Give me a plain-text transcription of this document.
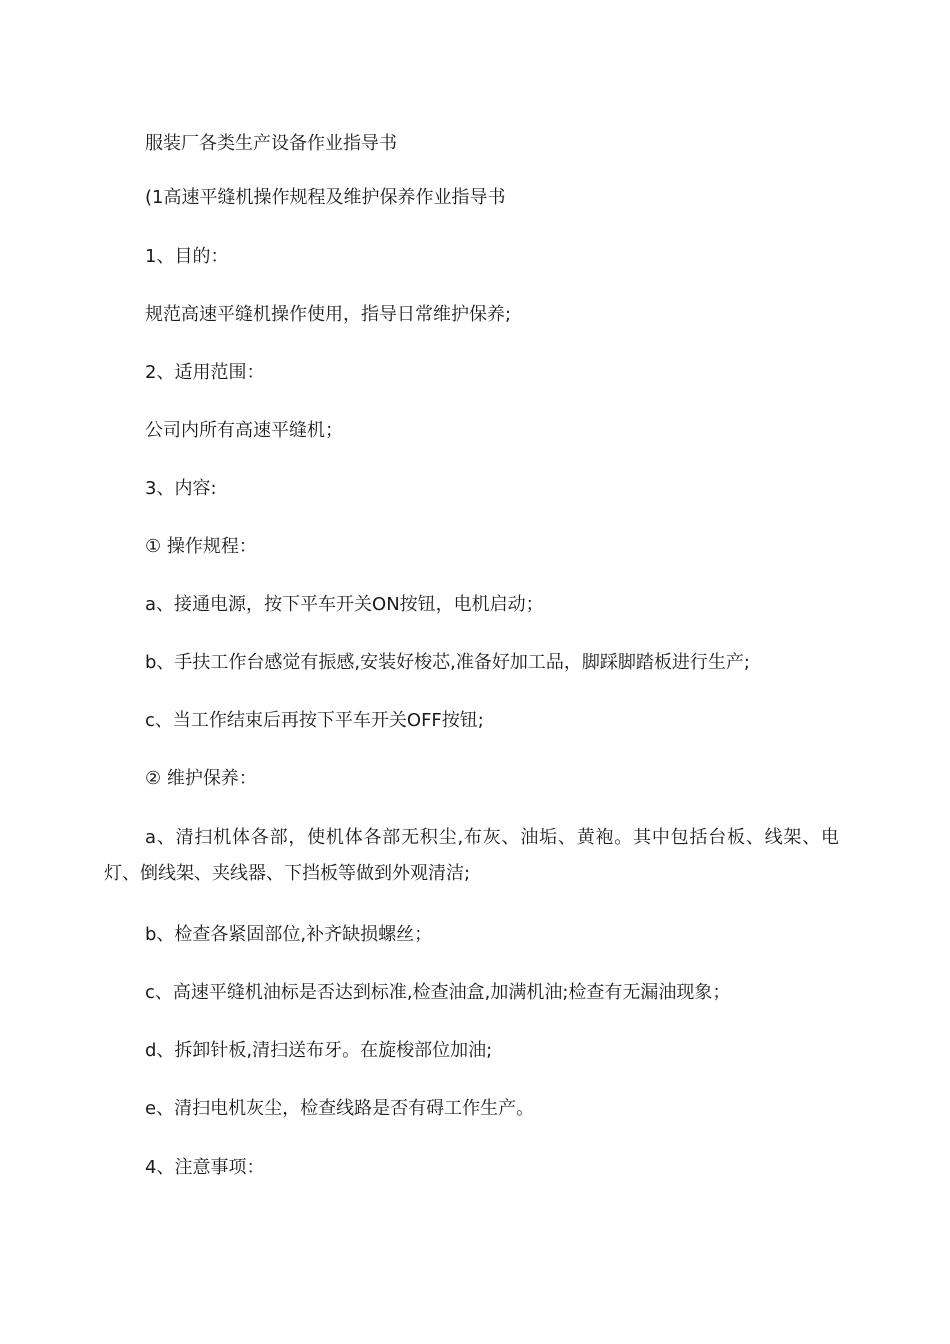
服装厂各类生产设备作业指导书
(1高速平缝机操作规程及维护保养作业指导书
1、目的：
规范高速平缝机操作使用，指导日常维护保养;
2、适用范围：
公司内所有高速平缝机；
3、内容:
① 操作规程：
a、接通电源，按下平车开关ON按钮，电机启动；
b、手扶工作台感觉有振感,安装好梭芯,准备好加工品，脚踩脚踏板进行生产;
c、当工作结束后再按下平车开关OFF按钮;
② 维护保养：
a、清扫机体各部，使机体各部无积尘,布灰、油垢、黄袍。其中包括台板、线架、电灯、倒线架、夹线器、下挡板等做到外观清洁;
b、检查各紧固部位,补齐缺损螺丝；
c、高速平缝机油标是否达到标准,检查油盒,加满机油;检查有无漏油现象；
d、拆卸针板,清扫送布牙。在旋梭部位加油;
e、清扫电机灰尘，检查线路是否有碍工作生产。
4、注意事项：
